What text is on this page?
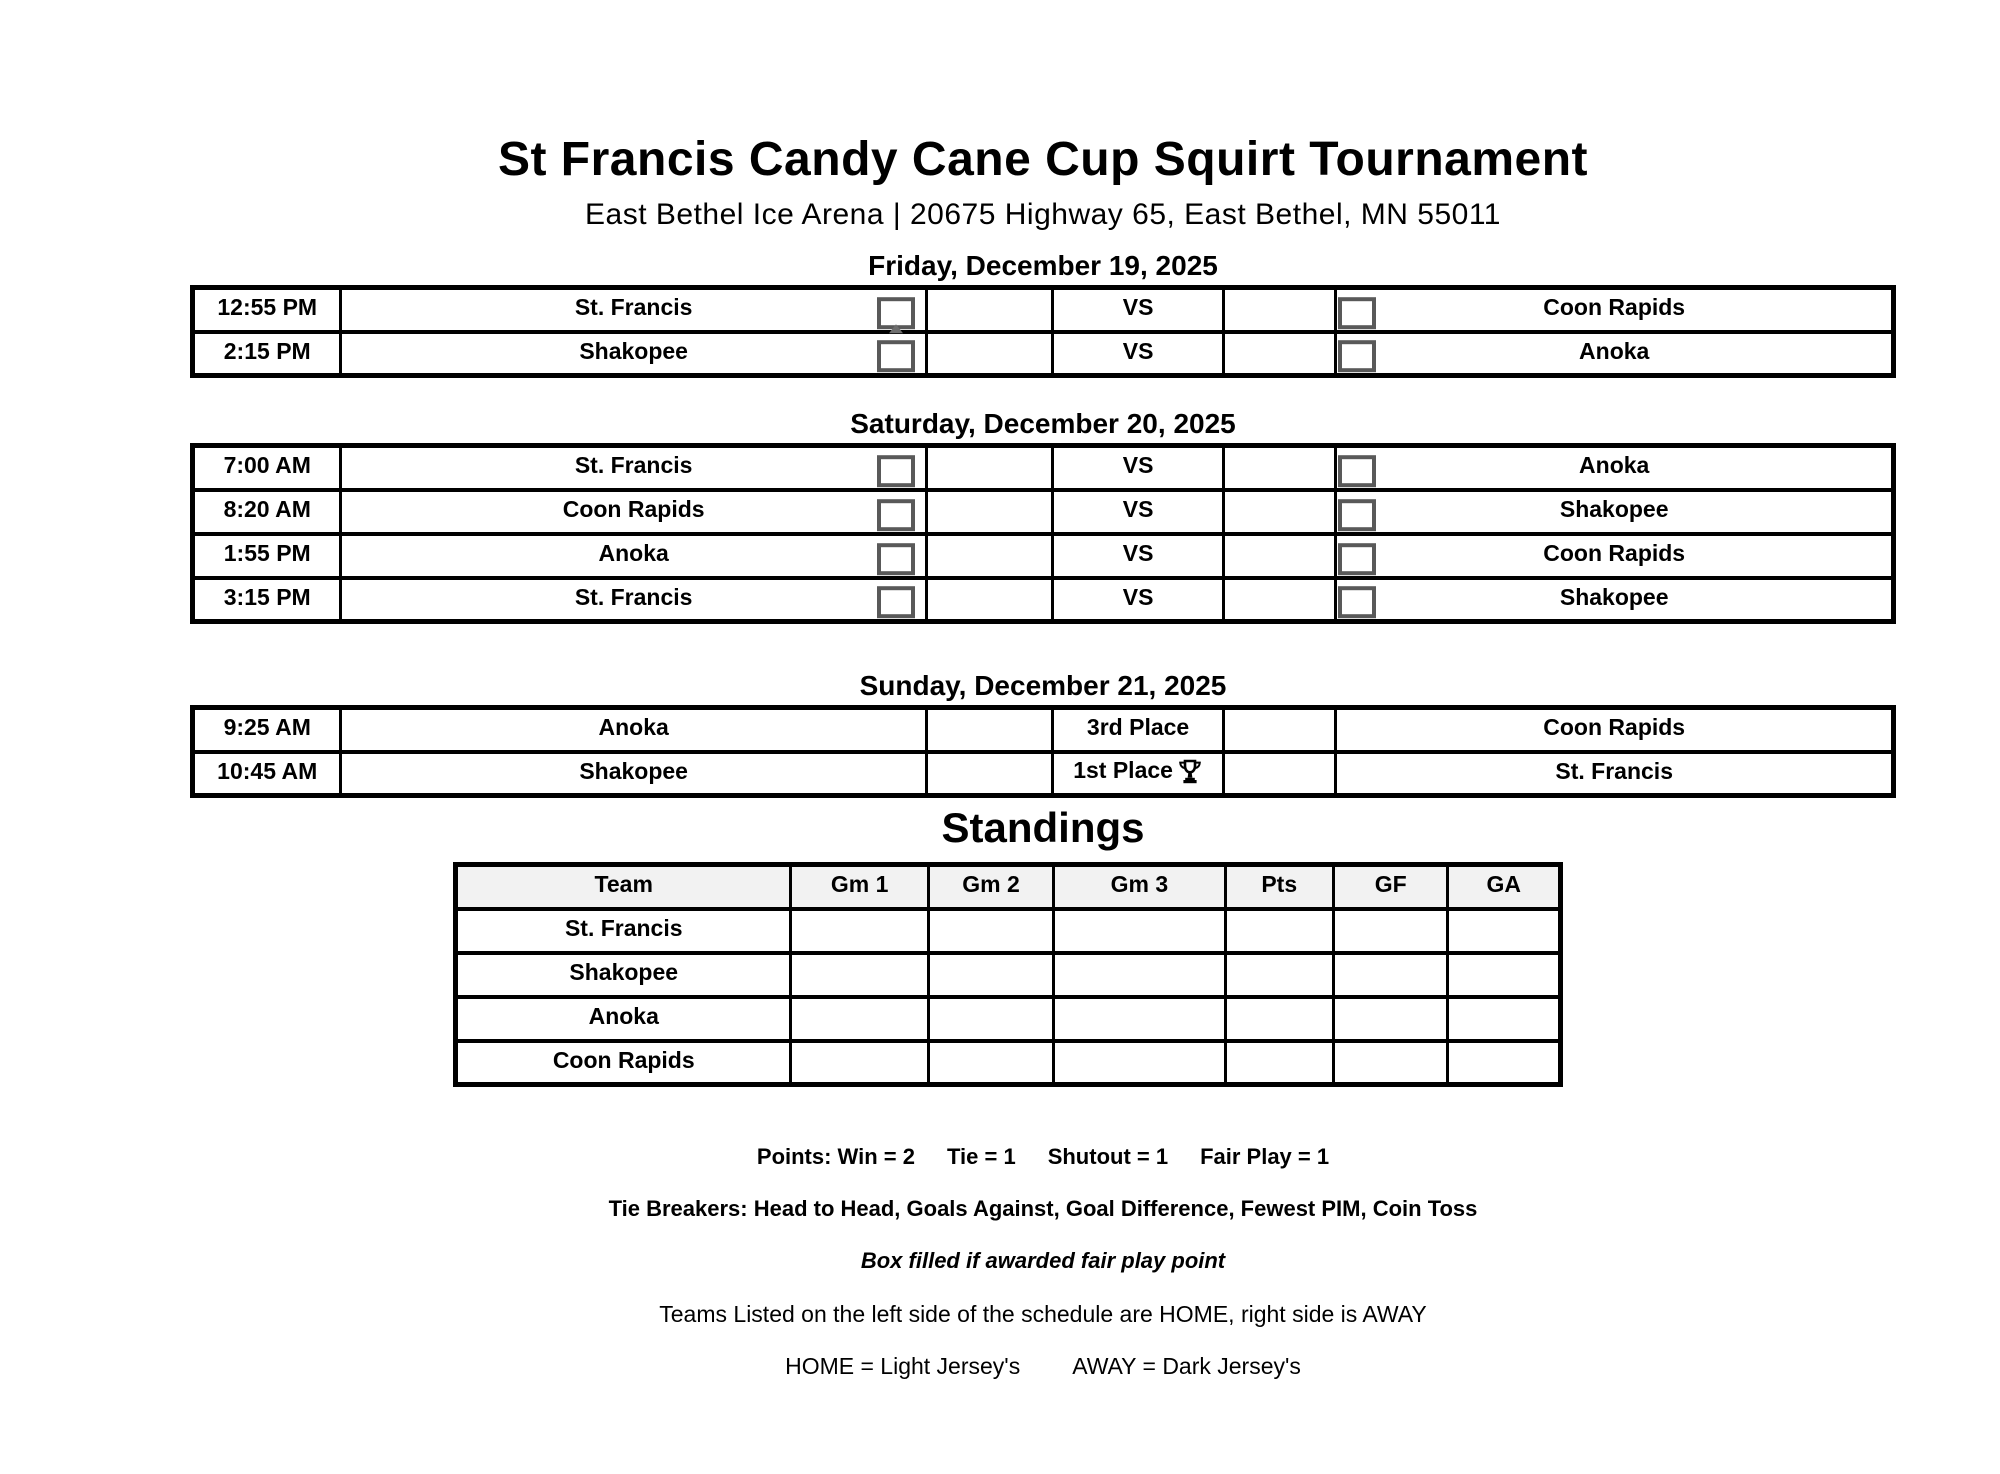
St Francis Candy Cane Cup Squirt Tournament
East Bethel Ice Arena | 20675 Highway 65, East Bethel, MN 55011
Friday, December 19, 2025
12:55 PM	St. Francis		VS		Coon Rapids
2:15 PM	Shakopee		VS		Anoka
Saturday, December 20, 2025
7:00 AM	St. Francis		VS		Anoka
8:20 AM	Coon Rapids		VS		Shakopee
1:55 PM	Anoka		VS		Coon Rapids
3:15 PM	St. Francis		VS		Shakopee
Sunday, December 21, 2025
9:25 AM	Anoka		3rd Place		Coon Rapids
10:45 AM	Shakopee		1st Place		St. Francis
Standings
Team	Gm 1	Gm 2	Gm 3	Pts	GF	GA
St. Francis						
Shakopee						
Anoka						
Coon Rapids						
Points: Win = 2 Tie = 1 Shutout = 1 Fair Play = 1
Tie Breakers: Head to Head, Goals Against, Goal Difference, Fewest PIM, Coin Toss
Box filled if awarded fair play point
Teams Listed on the left side of the schedule are HOME, right side is AWAY
HOME = Light Jersey's AWAY = Dark Jersey's
